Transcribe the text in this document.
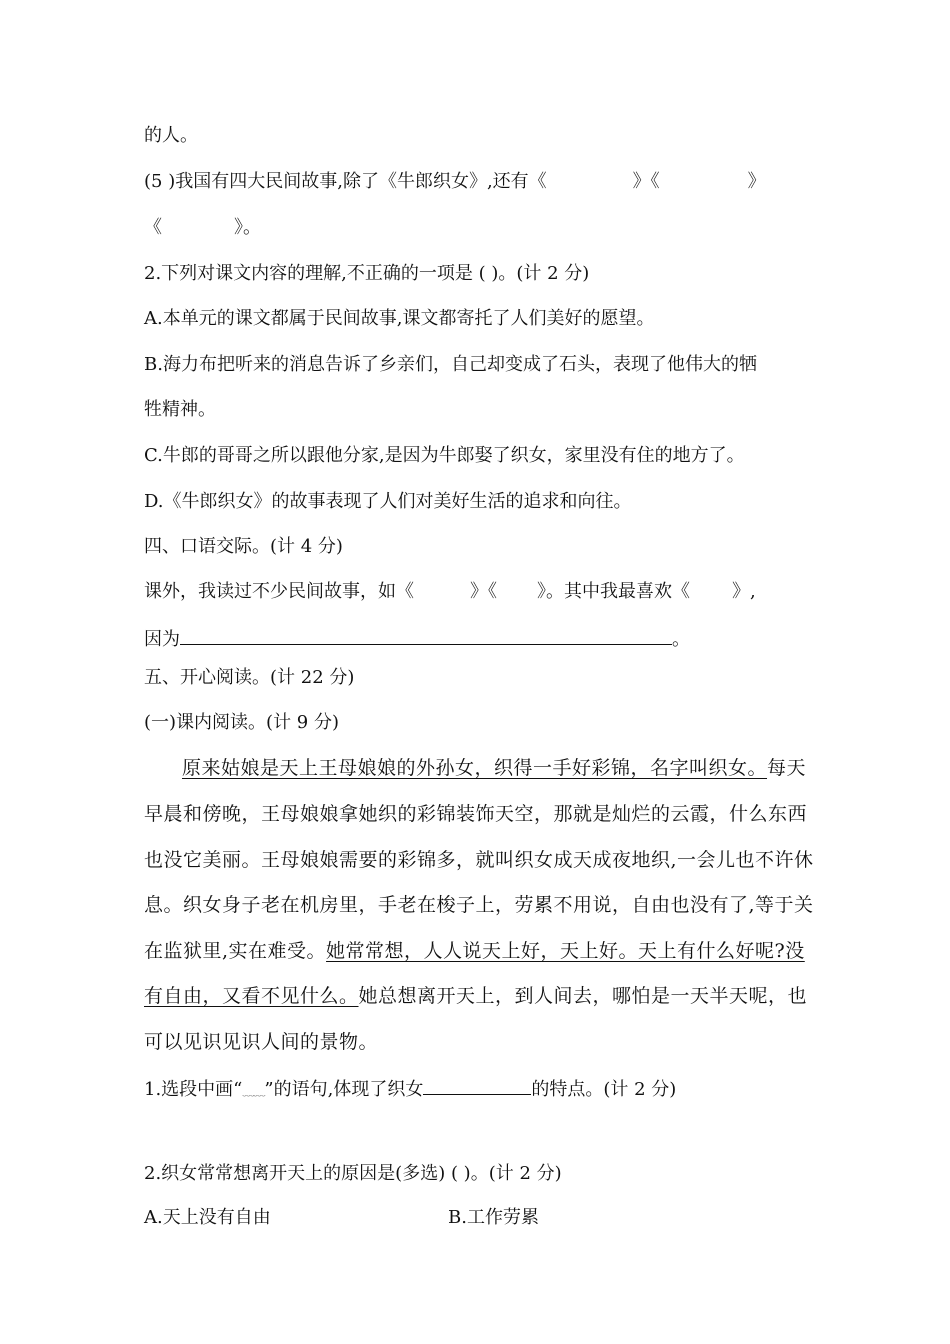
的人。
(5 )我国有四大民间故事,除了《牛郎织女》,还有《	》《	》
《	》。
2.下列对课文内容的理解,不正确的一项是 ( )。(计 2 分)
A.本单元的课文都属于民间故事,课文都寄托了人们美好的愿望。
B.海力布把听来的消息告诉了乡亲们，自己却变成了石头，表现了他伟大的牺
牲精神。
C.牛郎的哥哥之所以跟他分家,是因为牛郎娶了织女，家里没有住的地方了。
D.《牛郎织女》的故事表现了人们对美好生活的追求和向往。
四、口语交际。(计 4 分)
课外，我读过不少民间故事，如《	》《 》。其中我最喜欢《 》,
因为	。
五、开心阅读。(计 22 分)
(一)课内阅读。(计 9 分)
原来姑娘是天上王母娘娘的外孙女，织得一手好彩锦，名字叫织女。每天
早晨和傍晚，王母娘娘拿她织的彩锦装饰天空，那就是灿烂的云霞，什么东西
也没它美丽。王母娘娘需要的彩锦多，就叫织女成天成夜地织,一会儿也不许休
息。织女身子老在机房里，手老在梭子上，劳累不用说，自由也没有了,等于关
在监狱里,实在难受。她常常想，人人说天上好，天上好。天上有什么好呢?没
有自由，又看不见什么。她总想离开天上，到人间去，哪怕是一天半天呢，也
可以见识见识人间的景物。
1.选段中画“﹏﹏”的语句,体现了织女	的特点。(计 2 分)
2.织女常常想离开天上的原因是(多选) ( )。(计 2 分)
A.天上没有自由	B.工作劳累
